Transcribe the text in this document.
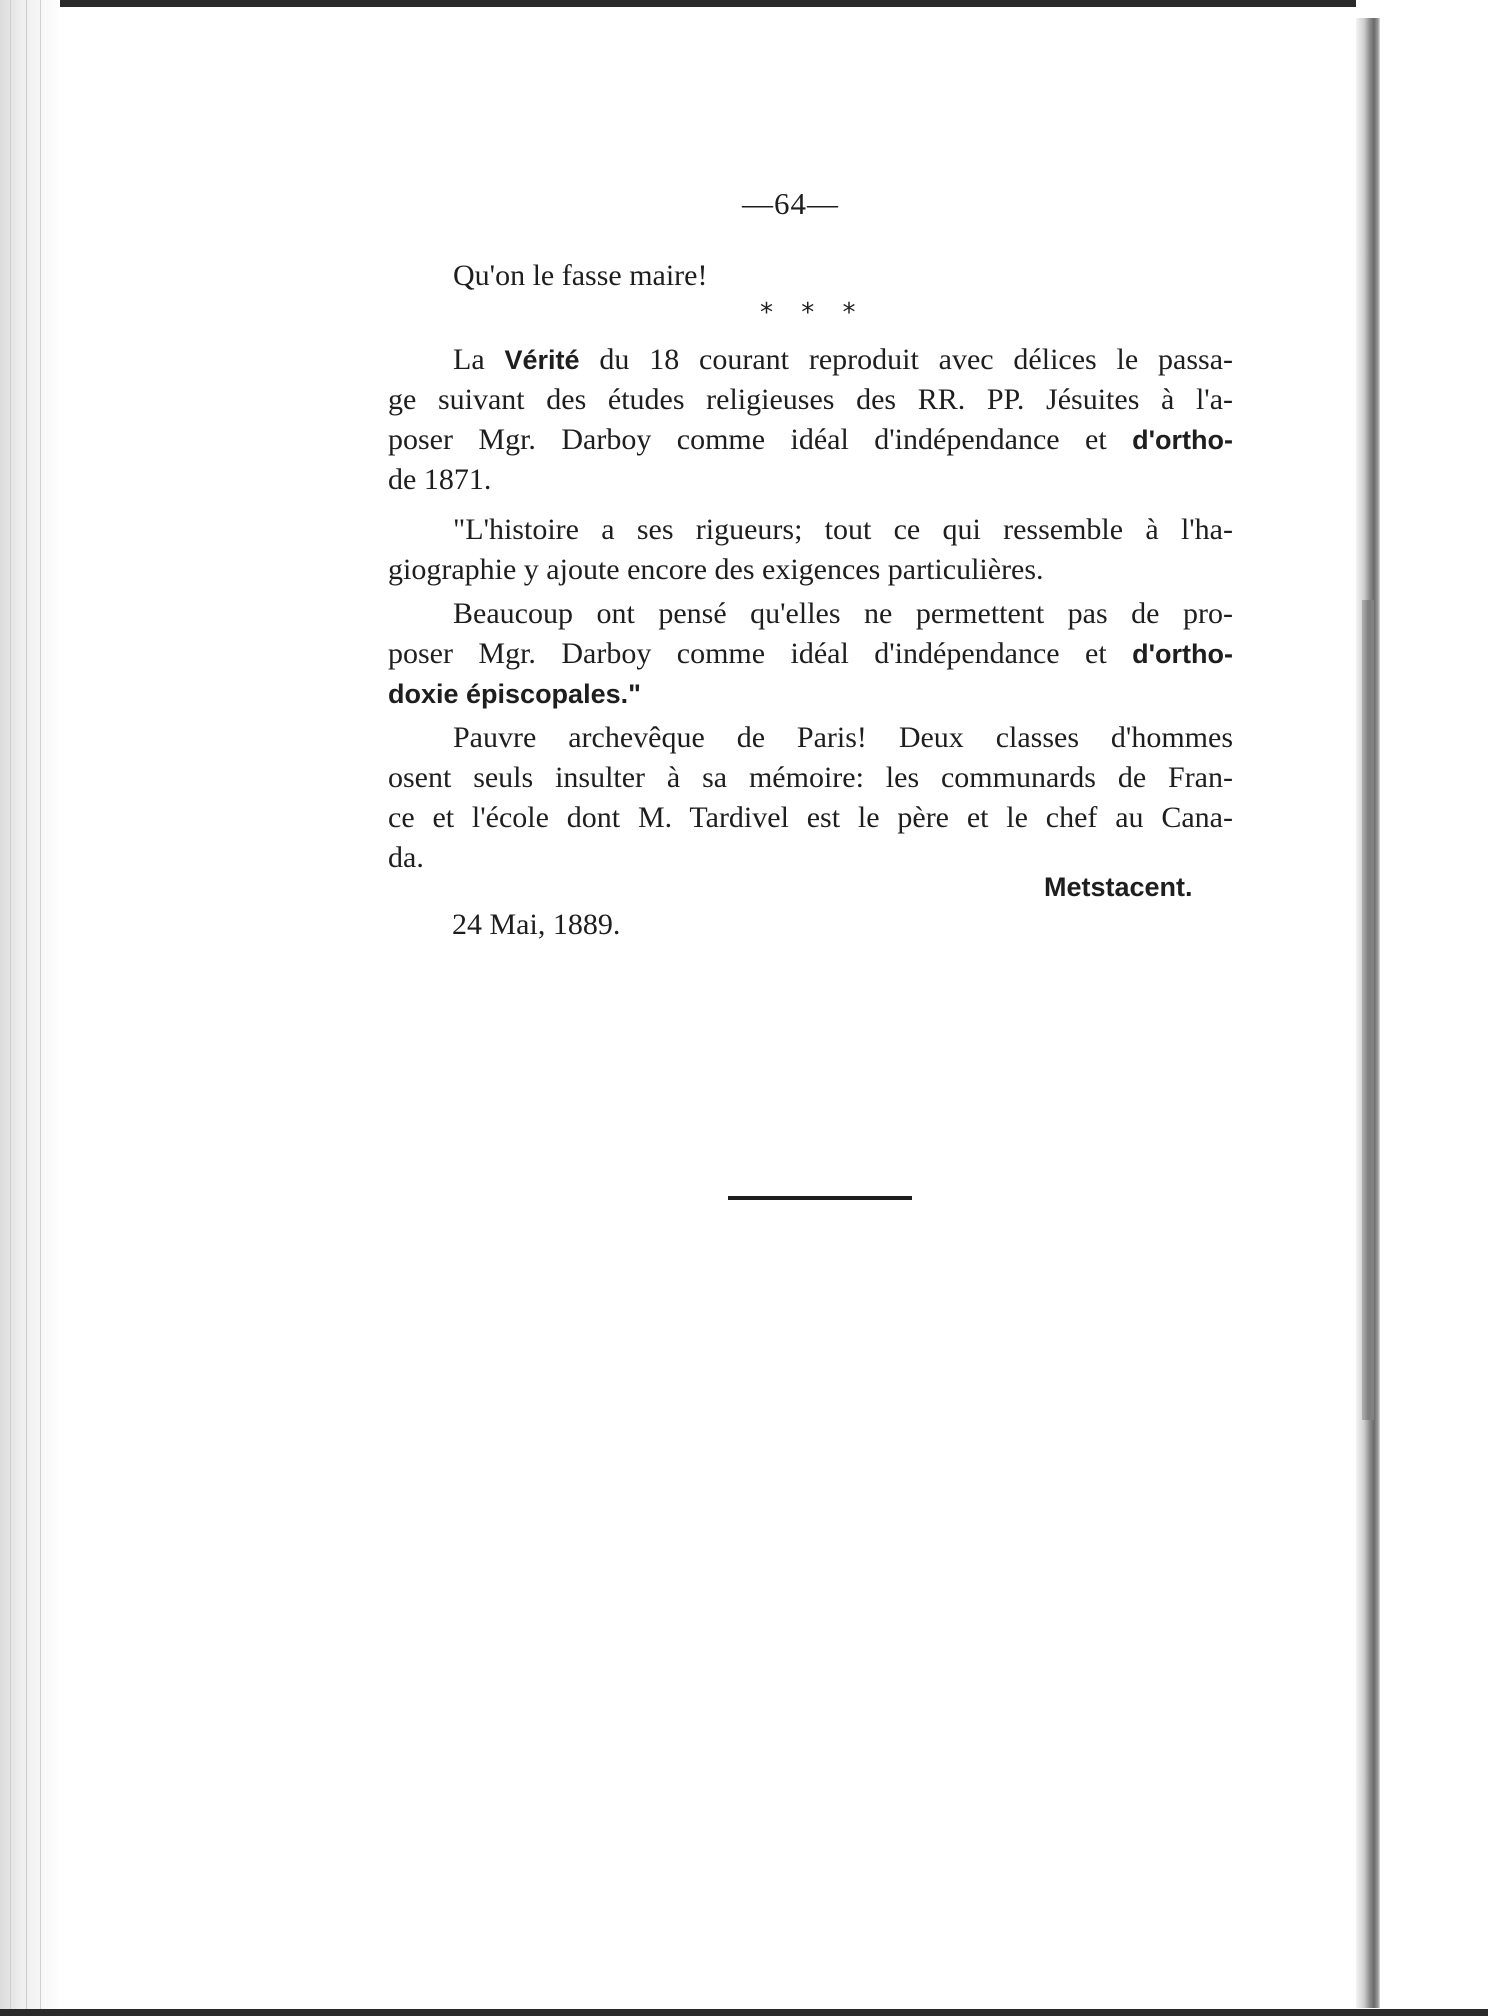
—64—
Qu'on le fasse maire!
* * *
La Vérité du 18 courant reproduit avec délices le passa-
ge suivant des études religieuses des RR. PP. Jésuites à l'a-
poser Mgr. Darboy comme idéal d'indépendance et d'ortho-
de 1871.
"L'histoire a ses rigueurs; tout ce qui ressemble à l'ha-
giographie y ajoute encore des exigences particulières.
Beaucoup ont pensé qu'elles ne permettent pas de pro-
poser Mgr. Darboy comme idéal d'indépendance et d'ortho-
doxie épiscopales."
Pauvre archevêque de Paris! Deux classes d'hommes
osent seuls insulter à sa mémoire: les communards de Fran-
ce et l'école dont M. Tardivel est le père et le chef au Cana-
da.
Metstacent.
24 Mai, 1889.
